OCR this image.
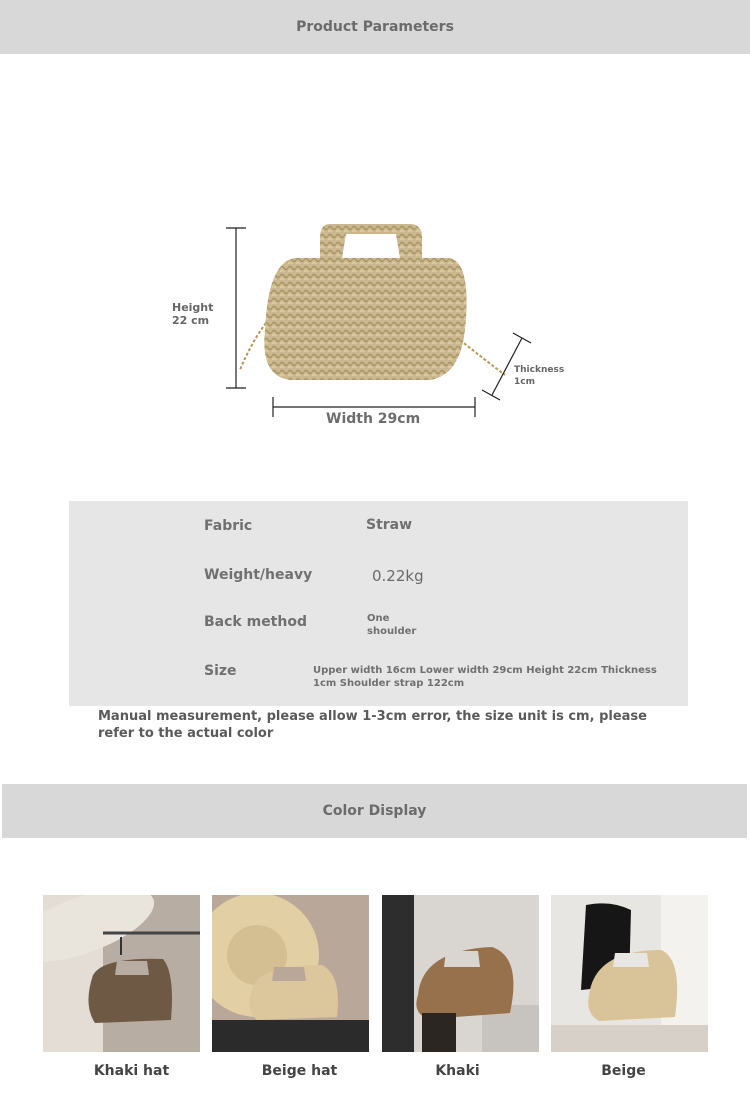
Product Parameters
Height 22 cm
Width 29cm
Thickness 1cm
Fabric	Straw
Weight/heavy	0.22kg
Back method	One shoulder
Size	Upper width 16cm Lower width 29cm Height 22cm Thickness 1cm Shoulder strap 122cm
Manual measurement, please allow 1-3cm error, the size unit is cm, please refer to the actual color
Color Display
Khaki hat	Beige hat	Khaki	Beige
